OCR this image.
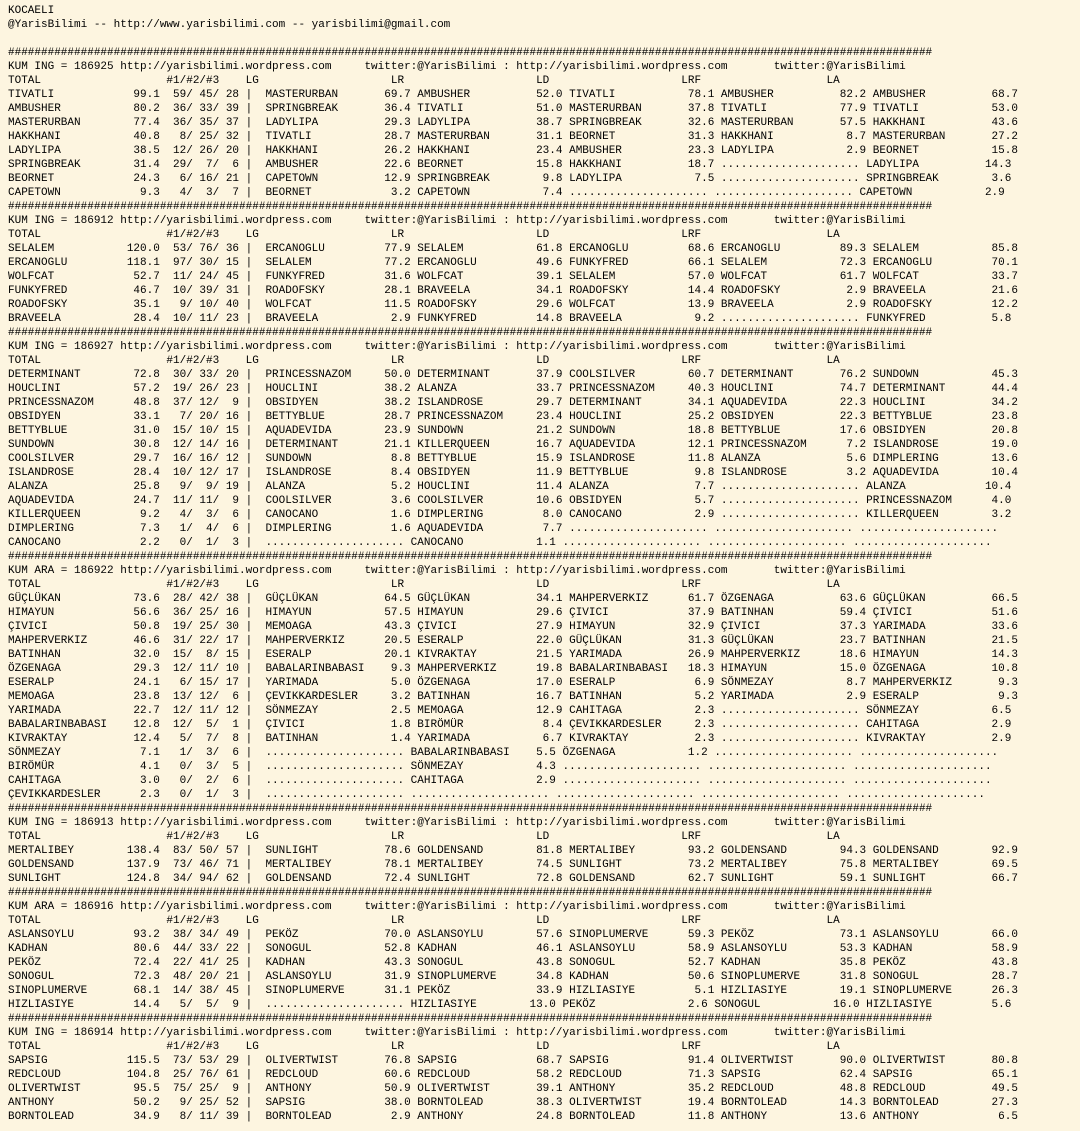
KOCAELI
@YarisBilimi -- http://www.yarisbilimi.com -- yarisbilimi@gmail.com

############################################################################################################################################
KUM ING = 186925 http://yarisbilimi.wordpress.com     twitter:@YarisBilimi : http://yarisbilimi.wordpress.com       twitter:@YarisBilimi
TOTAL                   #1/#2/#3    LG                    LR                    LD                    LRF                   LA
TIVATLI            99.1  59/ 45/ 28 |  MASTERURBAN       69.7 AMBUSHER          52.0 TIVATLI           78.1 AMBUSHER          82.2 AMBUSHER          68.7
AMBUSHER           80.2  36/ 33/ 39 |  SPRINGBREAK       36.4 TIVATLI           51.0 MASTERURBAN       37.8 TIVATLI           77.9 TIVATLI           53.0
MASTERURBAN        77.4  36/ 35/ 37 |  LADYLIPA          29.3 LADYLIPA          38.7 SPRINGBREAK       32.6 MASTERURBAN       57.5 HAKKHANI          43.6
HAKKHANI           40.8   8/ 25/ 32 |  TIVATLI           28.7 MASTERURBAN       31.1 BEORNET           31.3 HAKKHANI           8.7 MASTERURBAN       27.2
LADYLIPA           38.5  12/ 26/ 20 |  HAKKHANI          26.2 HAKKHANI          23.4 AMBUSHER          23.3 LADYLIPA           2.9 BEORNET           15.8
SPRINGBREAK        31.4  29/  7/  6 |  AMBUSHER          22.6 BEORNET           15.8 HAKKHANI          18.7 ..................... LADYLIPA          14.3
BEORNET            24.3   6/ 16/ 21 |  CAPETOWN          12.9 SPRINGBREAK        9.8 LADYLIPA           7.5 ..................... SPRINGBREAK        3.6
CAPETOWN            9.3   4/  3/  7 |  BEORNET            3.2 CAPETOWN           7.4 ..................... ..................... CAPETOWN           2.9
############################################################################################################################################
KUM ING = 186912 http://yarisbilimi.wordpress.com     twitter:@YarisBilimi : http://yarisbilimi.wordpress.com       twitter:@YarisBilimi
TOTAL                   #1/#2/#3    LG                    LR                    LD                    LRF                   LA
SELALEM           120.0  53/ 76/ 36 |  ERCANOGLU         77.9 SELALEM           61.8 ERCANOGLU         68.6 ERCANOGLU         89.3 SELALEM           85.8
ERCANOGLU         118.1  97/ 30/ 15 |  SELALEM           77.2 ERCANOGLU         49.6 FUNKYFRED         66.1 SELALEM           72.3 ERCANOGLU         70.1
WOLFCAT            52.7  11/ 24/ 45 |  FUNKYFRED         31.6 WOLFCAT           39.1 SELALEM           57.0 WOLFCAT           61.7 WOLFCAT           33.7
FUNKYFRED          46.7  10/ 39/ 31 |  ROADOFSKY         28.1 BRAVEELA          34.1 ROADOFSKY         14.4 ROADOFSKY          2.9 BRAVEELA          21.6
ROADOFSKY          35.1   9/ 10/ 40 |  WOLFCAT           11.5 ROADOFSKY         29.6 WOLFCAT           13.9 BRAVEELA           2.9 ROADOFSKY         12.2
BRAVEELA           28.4  10/ 11/ 23 |  BRAVEELA           2.9 FUNKYFRED         14.8 BRAVEELA           9.2 ..................... FUNKYFRED          5.8
############################################################################################################################################
KUM ING = 186927 http://yarisbilimi.wordpress.com     twitter:@YarisBilimi : http://yarisbilimi.wordpress.com       twitter:@YarisBilimi
TOTAL                   #1/#2/#3    LG                    LR                    LD                    LRF                   LA
DETERMINANT        72.8  30/ 33/ 20 |  PRINCESSNAZOM     50.0 DETERMINANT       37.9 COOLSILVER        60.7 DETERMINANT       76.2 SUNDOWN           45.3
HOUCLINI           57.2  19/ 26/ 23 |  HOUCLINI          38.2 ALANZA            33.7 PRINCESSNAZOM     40.3 HOUCLINI          74.7 DETERMINANT       44.4
PRINCESSNAZOM      48.8  37/ 12/  9 |  OBSIDYEN          38.2 ISLANDROSE        29.7 DETERMINANT       34.1 AQUADEVIDA        22.3 HOUCLINI          34.2
OBSIDYEN           33.1   7/ 20/ 16 |  BETTYBLUE         28.7 PRINCESSNAZOM     23.4 HOUCLINI          25.2 OBSIDYEN          22.3 BETTYBLUE         23.8
BETTYBLUE          31.0  15/ 10/ 15 |  AQUADEVIDA        23.9 SUNDOWN           21.2 SUNDOWN           18.8 BETTYBLUE         17.6 OBSIDYEN          20.8
SUNDOWN            30.8  12/ 14/ 16 |  DETERMINANT       21.1 KILLERQUEEN       16.7 AQUADEVIDA        12.1 PRINCESSNAZOM      7.2 ISLANDROSE        19.0
COOLSILVER         29.7  16/ 16/ 12 |  SUNDOWN            8.8 BETTYBLUE         15.9 ISLANDROSE        11.8 ALANZA             5.6 DIMPLERING        13.6
ISLANDROSE         28.4  10/ 12/ 17 |  ISLANDROSE         8.4 OBSIDYEN          11.9 BETTYBLUE          9.8 ISLANDROSE         3.2 AQUADEVIDA        10.4
ALANZA             25.8   9/  9/ 19 |  ALANZA             5.2 HOUCLINI          11.4 ALANZA             7.7 ..................... ALANZA            10.4
AQUADEVIDA         24.7  11/ 11/  9 |  COOLSILVER         3.6 COOLSILVER        10.6 OBSIDYEN           5.7 ..................... PRINCESSNAZOM      4.0
KILLERQUEEN         9.2   4/  3/  6 |  CANOCANO           1.6 DIMPLERING         8.0 CANOCANO           2.9 ..................... KILLERQUEEN        3.2
DIMPLERING          7.3   1/  4/  6 |  DIMPLERING         1.6 AQUADEVIDA         7.7 ..................... ..................... .....................
CANOCANO            2.2   0/  1/  3 |  ..................... CANOCANO           1.1 ..................... ..................... .....................
############################################################################################################################################
KUM ARA = 186922 http://yarisbilimi.wordpress.com     twitter:@YarisBilimi : http://yarisbilimi.wordpress.com       twitter:@YarisBilimi
TOTAL                   #1/#2/#3    LG                    LR                    LD                    LRF                   LA
GÜÇLÜKAN           73.6  28/ 42/ 38 |  GÜÇLÜKAN          64.5 GÜÇLÜKAN          34.1 MAHPERVERKIZ      61.7 ÖZGENAGA          63.6 GÜÇLÜKAN          66.5
HIMAYUN            56.6  36/ 25/ 16 |  HIMAYUN           57.5 HIMAYUN           29.6 ÇIVICI            37.9 BATINHAN          59.4 ÇIVICI            51.6
ÇIVICI             50.8  19/ 25/ 30 |  MEMOAGA           43.3 ÇIVICI            27.9 HIMAYUN           32.9 ÇIVICI            37.3 YARIMADA          33.6
MAHPERVERKIZ       46.6  31/ 22/ 17 |  MAHPERVERKIZ      20.5 ESERALP           22.0 GÜÇLÜKAN          31.3 GÜÇLÜKAN          23.7 BATINHAN          21.5
BATINHAN           32.0  15/  8/ 15 |  ESERALP           20.1 KIVRAKTAY         21.5 YARIMADA          26.9 MAHPERVERKIZ      18.6 HIMAYUN           14.3
ÖZGENAGA           29.3  12/ 11/ 10 |  BABALARINBABASI    9.3 MAHPERVERKIZ      19.8 BABALARINBABASI   18.3 HIMAYUN           15.0 ÖZGENAGA          10.8
ESERALP            24.1   6/ 15/ 17 |  YARIMADA           5.0 ÖZGENAGA          17.0 ESERALP            6.9 SÖNMEZAY           8.7 MAHPERVERKIZ       9.3
MEMOAGA            23.8  13/ 12/  6 |  ÇEVIKKARDESLER     3.2 BATINHAN          16.7 BATINHAN           5.2 YARIMADA           2.9 ESERALP            9.3
YARIMADA           22.7  12/ 11/ 12 |  SÖNMEZAY           2.5 MEMOAGA           12.9 CAHITAGA           2.3 ..................... SÖNMEZAY           6.5
BABALARINBABASI    12.8  12/  5/  1 |  ÇIVICI             1.8 BIRÖMÜR            8.4 ÇEVIKKARDESLER     2.3 ..................... CAHITAGA           2.9
KIVRAKTAY          12.4   5/  7/  8 |  BATINHAN           1.4 YARIMADA           6.7 KIVRAKTAY          2.3 ..................... KIVRAKTAY          2.9
SÖNMEZAY            7.1   1/  3/  6 |  ..................... BABALARINBABASI    5.5 ÖZGENAGA           1.2 ..................... .....................
BIRÖMÜR             4.1   0/  3/  5 |  ..................... SÖNMEZAY           4.3 ..................... ..................... .....................
CAHITAGA            3.0   0/  2/  6 |  ..................... CAHITAGA           2.9 ..................... ..................... .....................
ÇEVIKKARDESLER      2.3   0/  1/  3 |  ..................... ..................... ..................... ..................... .....................
############################################################################################################################################
KUM ING = 186913 http://yarisbilimi.wordpress.com     twitter:@YarisBilimi : http://yarisbilimi.wordpress.com       twitter:@YarisBilimi
TOTAL                   #1/#2/#3    LG                    LR                    LD                    LRF                   LA
MERTALIBEY        138.4  83/ 50/ 57 |  SUNLIGHT          78.6 GOLDENSAND        81.8 MERTALIBEY        93.2 GOLDENSAND        94.3 GOLDENSAND        92.9
GOLDENSAND        137.9  73/ 46/ 71 |  MERTALIBEY        78.1 MERTALIBEY        74.5 SUNLIGHT          73.2 MERTALIBEY        75.8 MERTALIBEY        69.5
SUNLIGHT          124.8  34/ 94/ 62 |  GOLDENSAND        72.4 SUNLIGHT          72.8 GOLDENSAND        62.7 SUNLIGHT          59.1 SUNLIGHT          66.7
############################################################################################################################################
KUM ARA = 186916 http://yarisbilimi.wordpress.com     twitter:@YarisBilimi : http://yarisbilimi.wordpress.com       twitter:@YarisBilimi
TOTAL                   #1/#2/#3    LG                    LR                    LD                    LRF                   LA
ASLANSOYLU         93.2  38/ 34/ 49 |  PEKÖZ             70.0 ASLANSOYLU        57.6 SINOPLUMERVE      59.3 PEKÖZ             73.1 ASLANSOYLU        66.0
KADHAN             80.6  44/ 33/ 22 |  SONOGUL           52.8 KADHAN            46.1 ASLANSOYLU        58.9 ASLANSOYLU        53.3 KADHAN            58.9
PEKÖZ              72.4  22/ 41/ 25 |  KADHAN            43.3 SONOGUL           43.8 SONOGUL           52.7 KADHAN            35.8 PEKÖZ             43.8
SONOGUL            72.3  48/ 20/ 21 |  ASLANSOYLU        31.9 SINOPLUMERVE      34.8 KADHAN            50.6 SINOPLUMERVE      31.8 SONOGUL           28.7
SINOPLUMERVE       68.1  14/ 38/ 45 |  SINOPLUMERVE      31.1 PEKÖZ             33.9 HIZLIASIYE         5.1 HIZLIASIYE        19.1 SINOPLUMERVE      26.3
HIZLIASIYE         14.4   5/  5/  9 |  ..................... HIZLIASIYE        13.0 PEKÖZ              2.6 SONOGUL           16.0 HIZLIASIYE         5.6
############################################################################################################################################
KUM ING = 186914 http://yarisbilimi.wordpress.com     twitter:@YarisBilimi : http://yarisbilimi.wordpress.com       twitter:@YarisBilimi
TOTAL                   #1/#2/#3    LG                    LR                    LD                    LRF                   LA
SAPSIG            115.5  73/ 53/ 29 |  OLIVERTWIST       76.8 SAPSIG            68.7 SAPSIG            91.4 OLIVERTWIST       90.0 OLIVERTWIST       80.8
REDCLOUD          104.8  25/ 76/ 61 |  REDCLOUD          60.6 REDCLOUD          58.2 REDCLOUD          71.3 SAPSIG            62.4 SAPSIG            65.1
OLIVERTWIST        95.5  75/ 25/  9 |  ANTHONY           50.9 OLIVERTWIST       39.1 ANTHONY           35.2 REDCLOUD          48.8 REDCLOUD          49.5
ANTHONY            50.2   9/ 25/ 52 |  SAPSIG            38.0 BORNTOLEAD        38.3 OLIVERTWIST       19.4 BORNTOLEAD        14.3 BORNTOLEAD        27.3
BORNTOLEAD         34.9   8/ 11/ 39 |  BORNTOLEAD         2.9 ANTHONY           24.8 BORNTOLEAD        11.8 ANTHONY           13.6 ANTHONY            6.5
